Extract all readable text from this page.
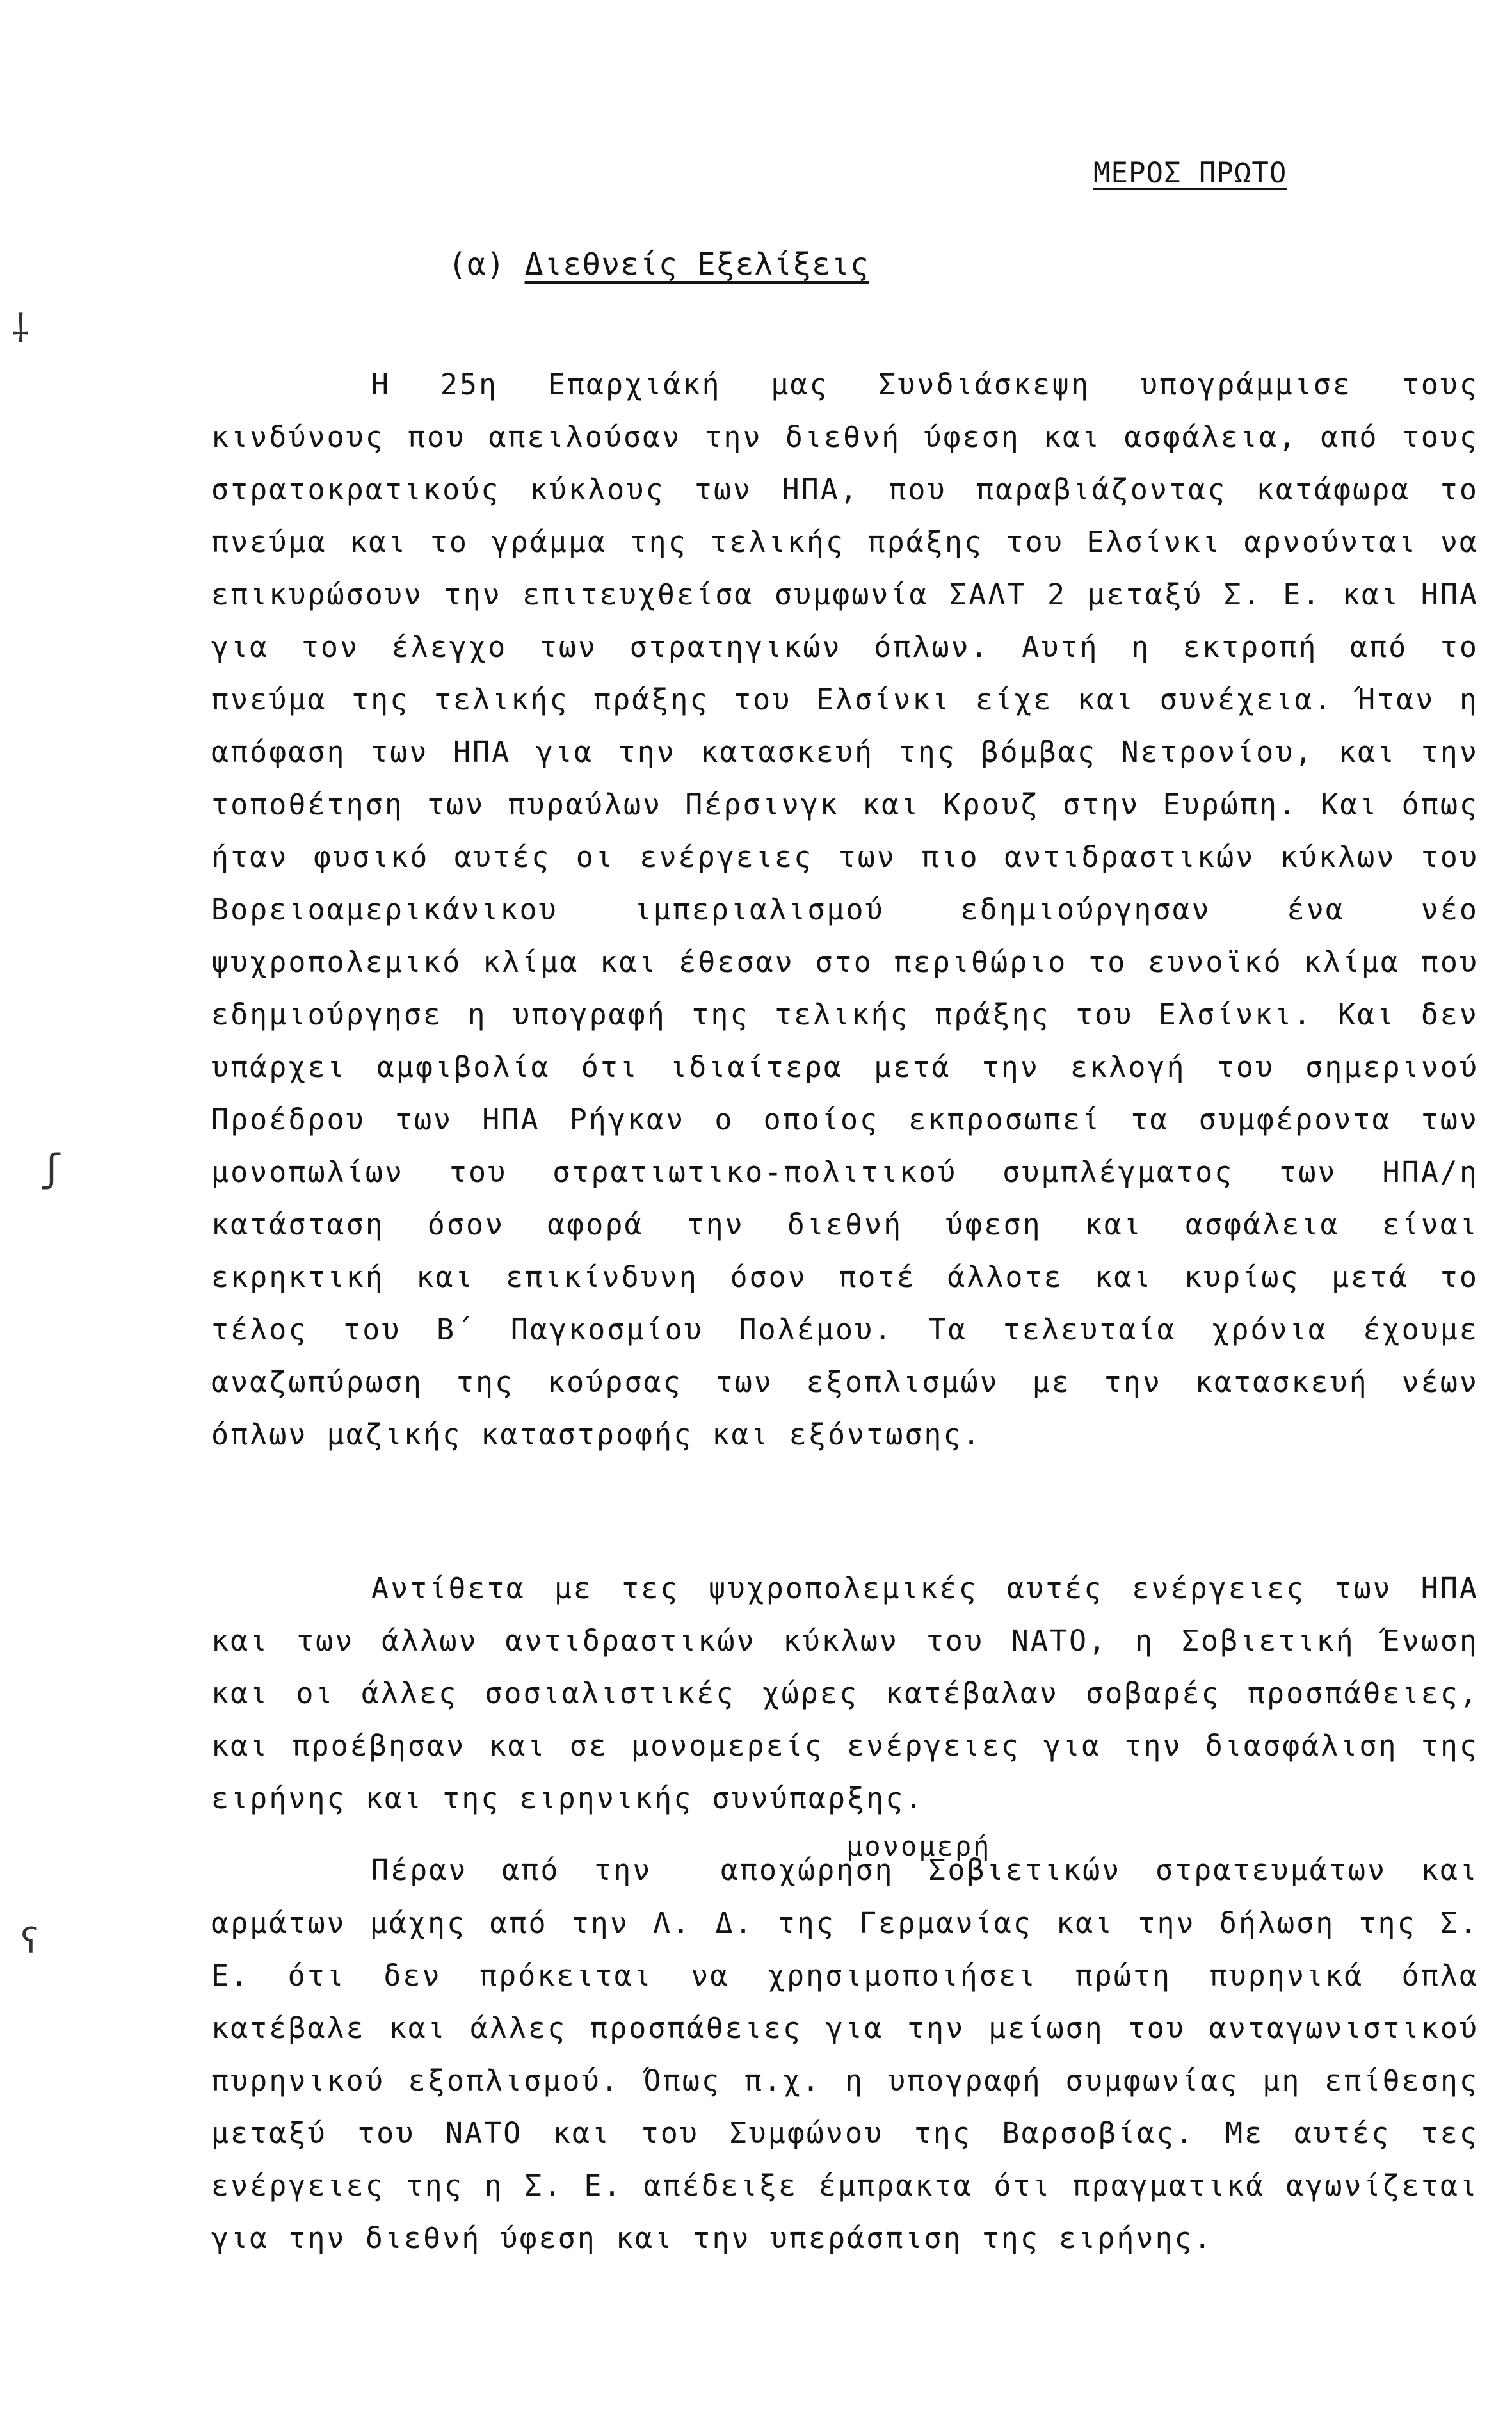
ΜΕΡΟΣ ΠΡΩΤΟ
(α) Διεθνείς Εξελίξεις
Η 25η Επαρχιάκή μας Συνδιάσκεψη υπογράμμισε τους κινδύνους που απειλούσαν την διεθνή ύφεση και ασφάλεια, από τους στρατοκρατικούς κύκλους των ΗΠΑ, που παραβιάζοντας κατάφωρα το πνεύμα και το γράμμα της τελικής πράξης του Ελσίνκι αρνούνται να επικυρώσουν την επιτευχθείσα συμφωνία ΣΑΛΤ 2 μεταξύ Σ. Ε. και ΗΠΑ για τον έλεγχο των στρατηγικών όπλων. Αυτή η εκτροπή από το πνεύμα της τελικής πράξης του Ελσίνκι είχε και συνέχεια. Ήταν η απόφαση των ΗΠΑ για την κατασκευή της βόμβας Νετρονίου, και την τοποθέτηση των πυραύλων Πέρσινγκ και Κρουζ στην Ευρώπη. Και όπως ήταν φυσικό αυτές οι ενέργειες των πιο αντιδραστικών κύκλων του Βορειοαμερικάνικου ιμπεριαλισμού εδημιούργησαν ένα νέο ψυχροπολεμικό κλίμα και έθεσαν στο περιθώριο το ευνοϊκό κλίμα που εδημιούργησε η υπογραφή της τελικής πράξης του Ελσίνκι. Και δεν υπάρχει αμφιβολία ότι ιδιαίτερα μετά την εκλογή του σημερινού Προέδρου των ΗΠΑ Ρήγκαν ο οποίος εκπροσωπεί τα συμφέροντα των μονοπωλίων του στρατιωτικο-πολιτικού συμπλέγματος των ΗΠΑ/η κατάσταση όσον αφορά την διεθνή ύφεση και ασφάλεια είναι εκρηκτική και επικίνδυνη όσον ποτέ άλλοτε και κυρίως μετά το τέλος του Β΄ Παγκοσμίου Πολέμου. Τα τελευταία χρόνια έχουμε αναζωπύρωση της κούρσας των εξοπλισμών με την κατασκευή νέων όπλων μαζικής καταστροφής και εξόντωσης.
Αντίθετα με τες ψυχροπολεμικές αυτές ενέργειες των ΗΠΑ και των άλλων αντιδραστικών κύκλων του ΝΑΤΟ, η Σοβιετική Ένωση και οι άλλες σοσιαλιστικές χώρες κατέβαλαν σοβαρές προσπάθειες, και προέβησαν και σε μονομερείς ενέργειες για την διασφάλιση της ειρήνης και της ειρηνικής συνύπαρξης.
Πέραν από την μονομερή αποχώρηση Σοβιετικών στρατευμάτων και αρμάτων μάχης από την Λ. Δ. της Γερμανίας και την δήλωση της Σ. Ε. ότι δεν πρόκειται να χρησιμοποιήσει πρώτη πυρηνικά όπλα κατέβαλε και άλλες προσπάθειες για την μείωση του ανταγωνιστικού πυρηνικού εξοπλισμού. Όπως π.χ. η υπογραφή συμφωνίας μη επίθεσης μεταξύ του ΝΑΤΟ και του Συμφώνου της Βαρσοβίας. Με αυτές τες ενέργειες της η Σ. Ε. απέδειξε έμπρακτα ότι πραγματικά αγωνίζεται για την διεθνή ύφεση και την υπεράσπιση της ειρήνης.
⸸
ʃ
ʕ
